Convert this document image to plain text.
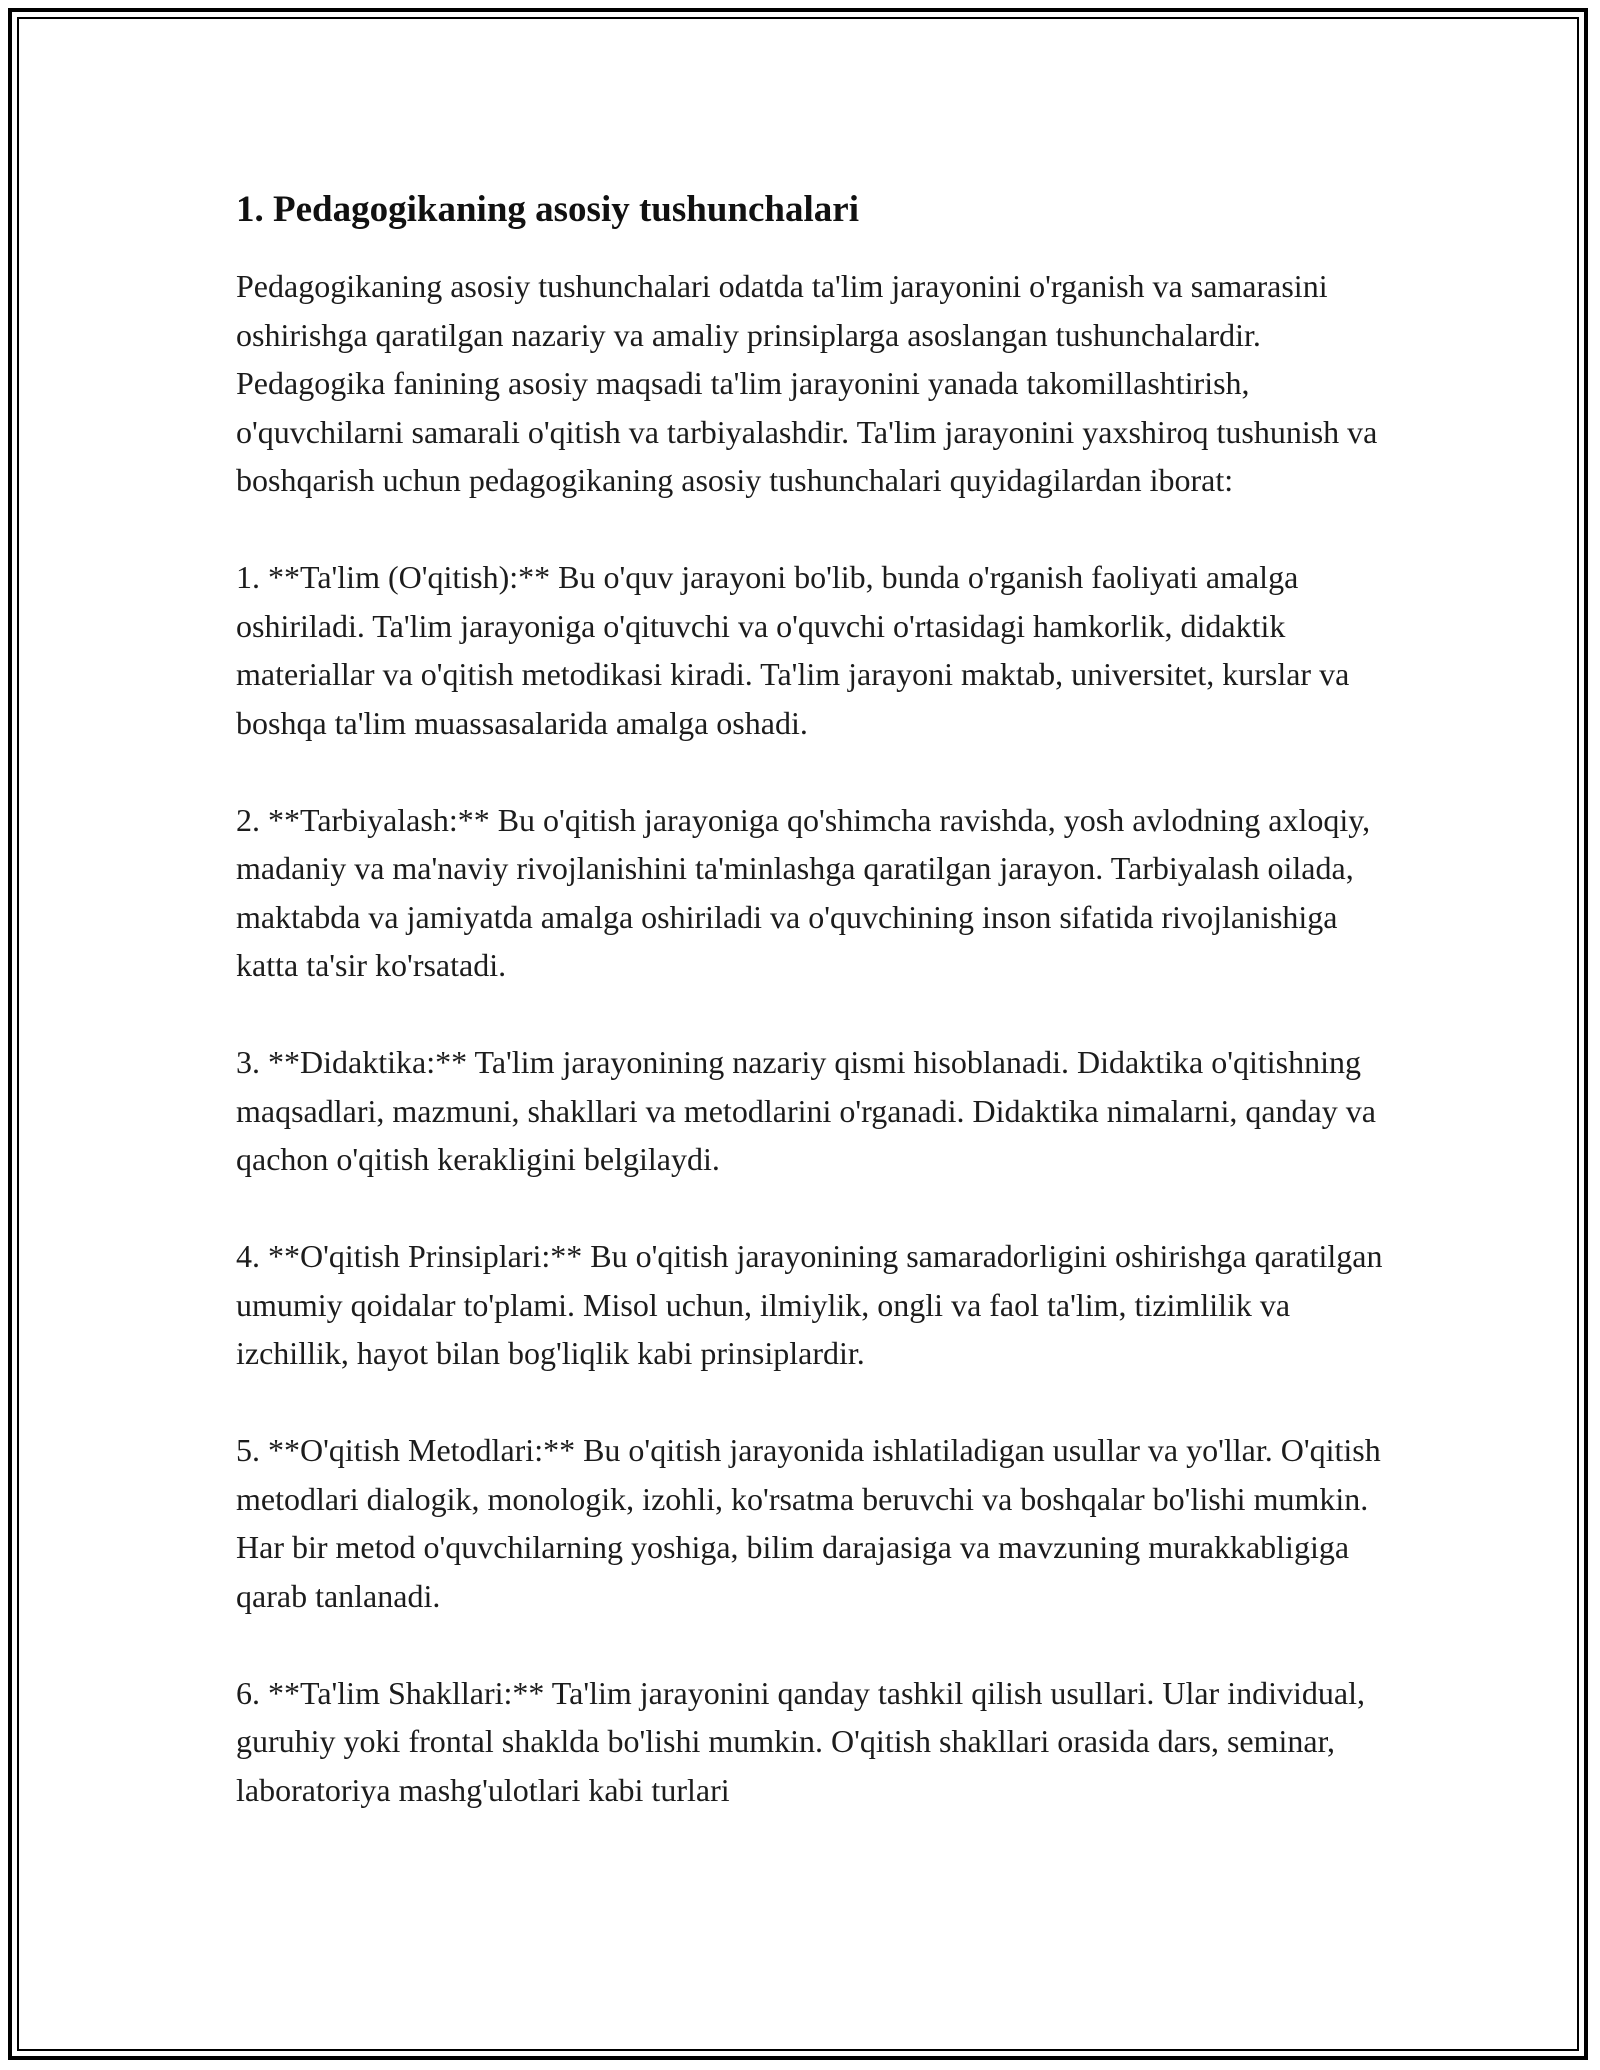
1. Pedagogikaning asosiy tushunchalari

Pedagogikaning asosiy tushunchalari odatda ta'lim jarayonini o'rganish va samarasini oshirishga qaratilgan nazariy va amaliy prinsiplarga asoslangan tushunchalardir. Pedagogika fanining asosiy maqsadi ta'lim jarayonini yanada takomillashtirish, o'quvchilarni samarali o'qitish va tarbiyalashdir. Ta'lim jarayonini yaxshiroq tushunish va boshqarish uchun pedagogikaning asosiy tushunchalari quyidagilardan iborat:

1. **Ta'lim (O'qitish):** Bu o'quv jarayoni bo'lib, bunda o'rganish faoliyati amalga oshiriladi. Ta'lim jarayoniga o'qituvchi va o'quvchi o'rtasidagi hamkorlik, didaktik materiallar va o'qitish metodikasi kiradi. Ta'lim jarayoni maktab, universitet, kurslar va boshqa ta'lim muassasalarida amalga oshadi.

2. **Tarbiyalash:** Bu o'qitish jarayoniga qo'shimcha ravishda, yosh avlodning axloqiy, madaniy va ma'naviy rivojlanishini ta'minlashga qaratilgan jarayon. Tarbiyalash oilada, maktabda va jamiyatda amalga oshiriladi va o'quvchining inson sifatida rivojlanishiga katta ta'sir ko'rsatadi.

3. **Didaktika:** Ta'lim jarayonining nazariy qismi hisoblanadi. Didaktika o'qitishning maqsadlari, mazmuni, shakllari va metodlarini o'rganadi. Didaktika nimalarni, qanday va qachon o'qitish kerakligini belgilaydi.

4. **O'qitish Prinsiplari:** Bu o'qitish jarayonining samaradorligini oshirishga qaratilgan umumiy qoidalar to'plami. Misol uchun, ilmiylik, ongli va faol ta'lim, tizimlilik va izchillik, hayot bilan bog'liqlik kabi prinsiplardir.

5. **O'qitish Metodlari:** Bu o'qitish jarayonida ishlatiladigan usullar va yo'llar. O'qitish metodlari dialogik, monologik, izohli, ko'rsatma beruvchi va boshqalar bo'lishi mumkin. Har bir metod o'quvchilarning yoshiga, bilim darajasiga va mavzuning murakkabligiga qarab tanlanadi.

6. **Ta'lim Shakllari:** Ta'lim jarayonini qanday tashkil qilish usullari. Ular individual, guruhiy yoki frontal shaklda bo'lishi mumkin. O'qitish shakllari orasida dars, seminar, laboratoriya mashg'ulotlari kabi turlari
